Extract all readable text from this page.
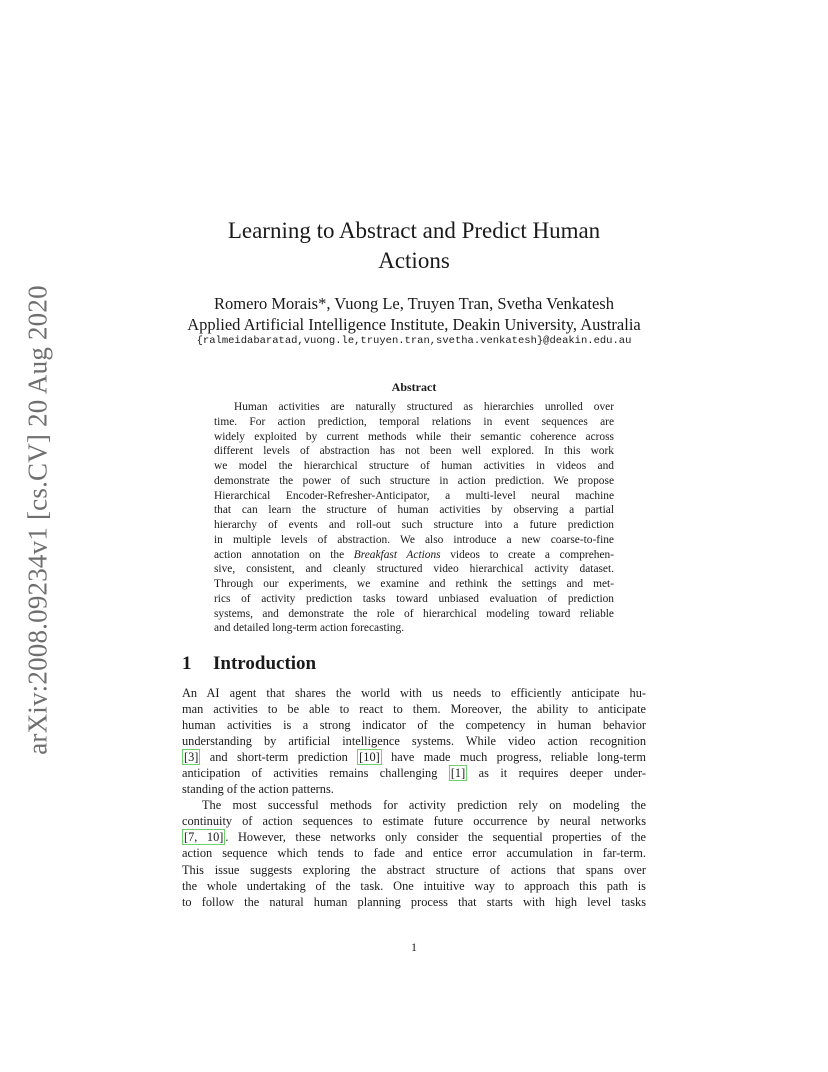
arXiv:2008.09234v1 [cs.CV] 20 Aug 2020
Learning to Abstract and Predict Human
Actions
Romero Morais*, Vuong Le, Truyen Tran, Svetha Venkatesh
Applied Artificial Intelligence Institute, Deakin University, Australia
{ralmeidabaratad,vuong.le,truyen.tran,svetha.venkatesh}@deakin.edu.au
Abstract
Human activities are naturally structured as hierarchies unrolled over
time. For action prediction, temporal relations in event sequences are
widely exploited by current methods while their semantic coherence across
different levels of abstraction has not been well explored. In this work
we model the hierarchical structure of human activities in videos and
demonstrate the power of such structure in action prediction. We propose
Hierarchical Encoder-Refresher-Anticipator, a multi-level neural machine
that can learn the structure of human activities by observing a partial
hierarchy of events and roll-out such structure into a future prediction
in multiple levels of abstraction. We also introduce a new coarse-to-fine
action annotation on the Breakfast Actions videos to create a comprehen-
sive, consistent, and cleanly structured video hierarchical activity dataset.
Through our experiments, we examine and rethink the settings and met-
rics of activity prediction tasks toward unbiased evaluation of prediction
systems, and demonstrate the role of hierarchical modeling toward reliable
and detailed long-term action forecasting.
1 Introduction

An AI agent that shares the world with us needs to efficiently anticipate hu-
man activities to be able to react to them. Moreover, the ability to anticipate
human activities is a strong indicator of the competency in human behavior
understanding by artificial intelligence systems. While video action recognition
[3] and short-term prediction [10] have made much progress, reliable long-term
anticipation of activities remains challenging [1] as it requires deeper under-
standing of the action patterns.

The most successful methods for activity prediction rely on modeling the
continuity of action sequences to estimate future occurrence by neural networks
[7, 10] . However, these networks only consider the sequential properties of the
action sequence which tends to fade and entice error accumulation in far-term.
This issue suggests exploring the abstract structure of actions that spans over
the whole undertaking of the task. One intuitive way to approach this path is
to follow the natural human planning process that starts with high level tasks

1
